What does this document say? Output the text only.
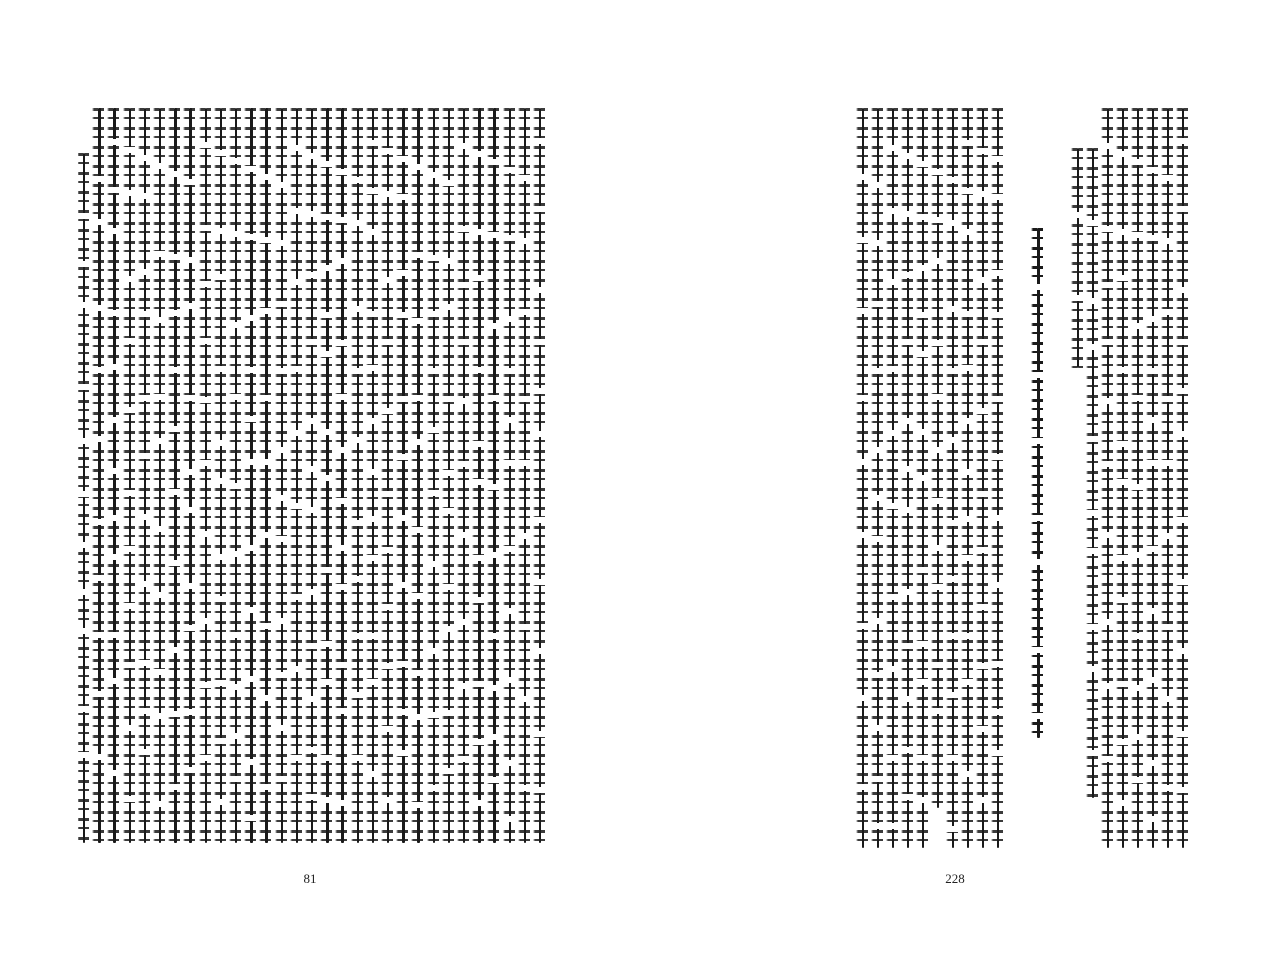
81	228
